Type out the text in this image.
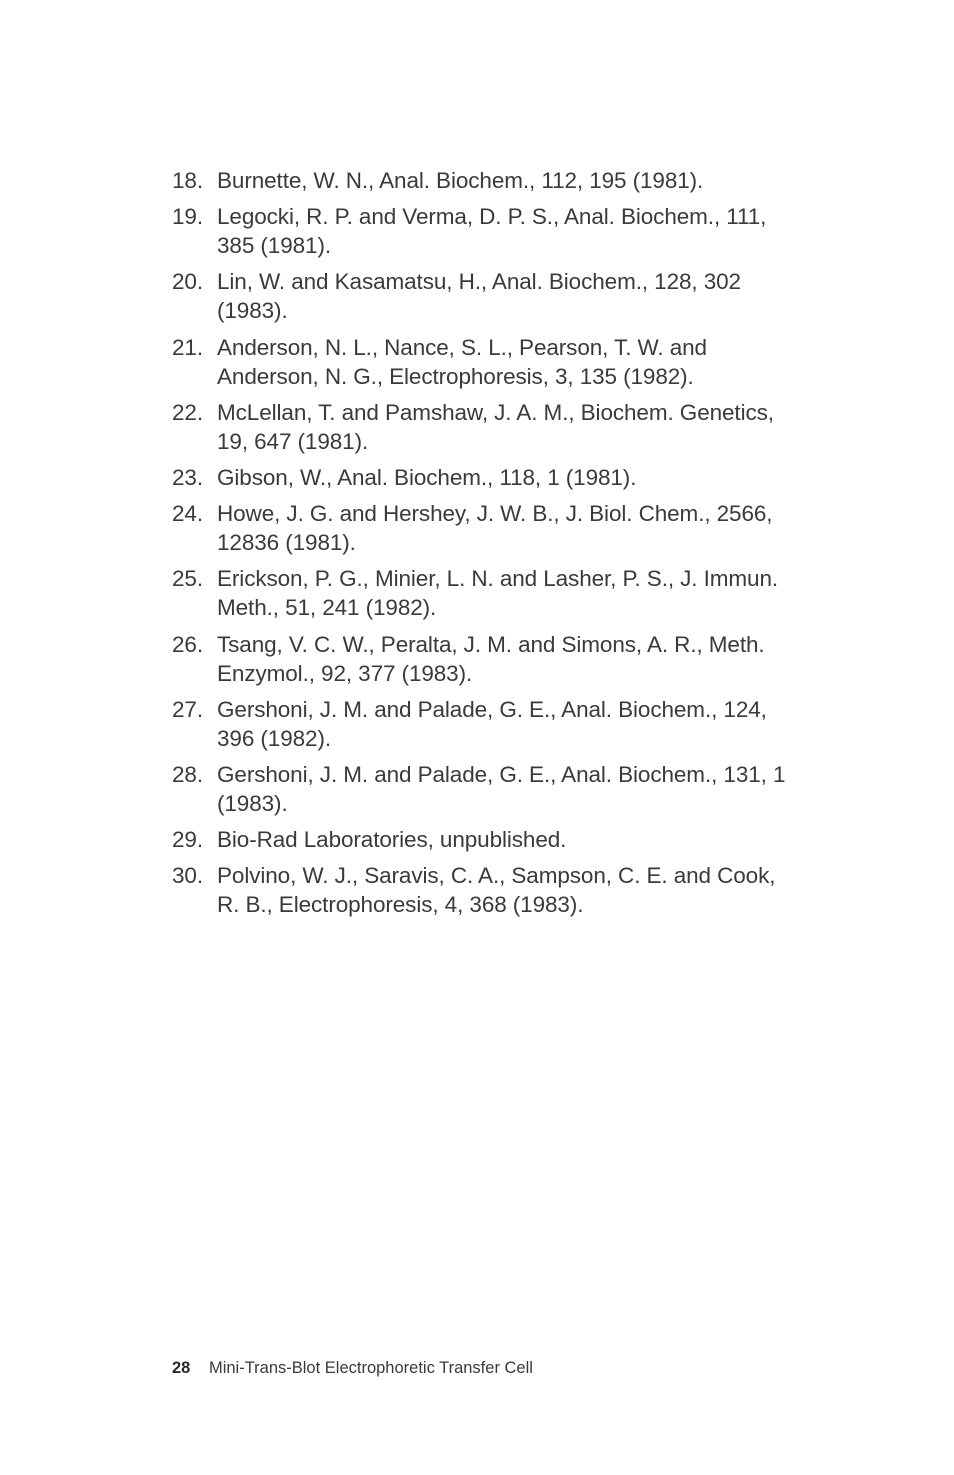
18. Burnette, W. N., Anal. Biochem., 112, 195 (1981).
19. Legocki, R. P. and Verma, D. P. S., Anal. Biochem., 111, 385 (1981).
20. Lin, W. and Kasamatsu, H., Anal. Biochem., 128, 302 (1983).
21. Anderson, N. L., Nance, S. L., Pearson, T. W. and Anderson, N. G., Electrophoresis, 3, 135 (1982).
22. McLellan, T. and Pamshaw, J. A. M., Biochem. Genetics, 19, 647 (1981).
23. Gibson, W., Anal. Biochem., 118, 1 (1981).
24. Howe, J. G. and Hershey, J. W. B., J. Biol. Chem., 2566, 12836 (1981).
25. Erickson, P. G., Minier, L. N. and Lasher, P. S., J. Immun. Meth., 51, 241 (1982).
26. Tsang, V. C. W., Peralta, J. M. and Simons, A. R., Meth. Enzymol., 92, 377 (1983).
27. Gershoni, J. M. and Palade, G. E., Anal. Biochem., 124, 396 (1982).
28. Gershoni, J. M. and Palade, G. E., Anal. Biochem., 131, 1 (1983).
29. Bio-Rad Laboratories, unpublished.
30. Polvino, W. J., Saravis, C. A., Sampson, C. E. and Cook, R. B., Electrophoresis, 4, 368 (1983).
28 Mini-Trans-Blot Electrophoretic Transfer Cell
